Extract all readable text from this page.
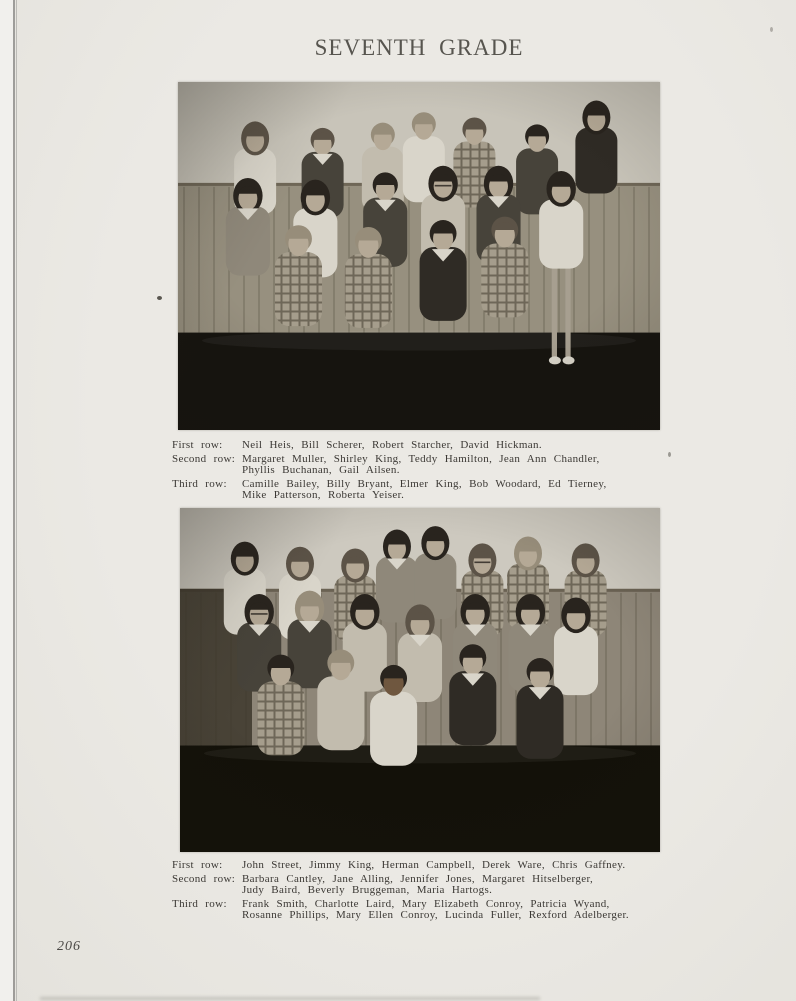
SEVENTH GRADE
First row:	Neil Heis, Bill Scherer, Robert Starcher, David Hickman.
Second row: Margaret Muller, Shirley King, Teddy Hamilton, Jean Ann Chandler,
Phyllis Buchanan, Gail Ailsen.
Third row:	Camille Bailey, Billy Bryant, Elmer King, Bob Woodard, Ed Tierney,
Mike Patterson, Roberta Yeiser.
First row:	John Street, Jimmy King, Herman Campbell, Derek Ware, Chris Gaffney.
Second row: Barbara Cantley, Jane Alling, Jennifer Jones, Margaret Hitselberger,
Judy Baird, Beverly Bruggeman, Maria Hartogs.
Third row:	Frank Smith, Charlotte Laird, Mary Elizabeth Conroy, Patricia Wyand,
Rosanne Phillips, Mary Ellen Conroy, Lucinda Fuller, Rexford Adelberger.
206
